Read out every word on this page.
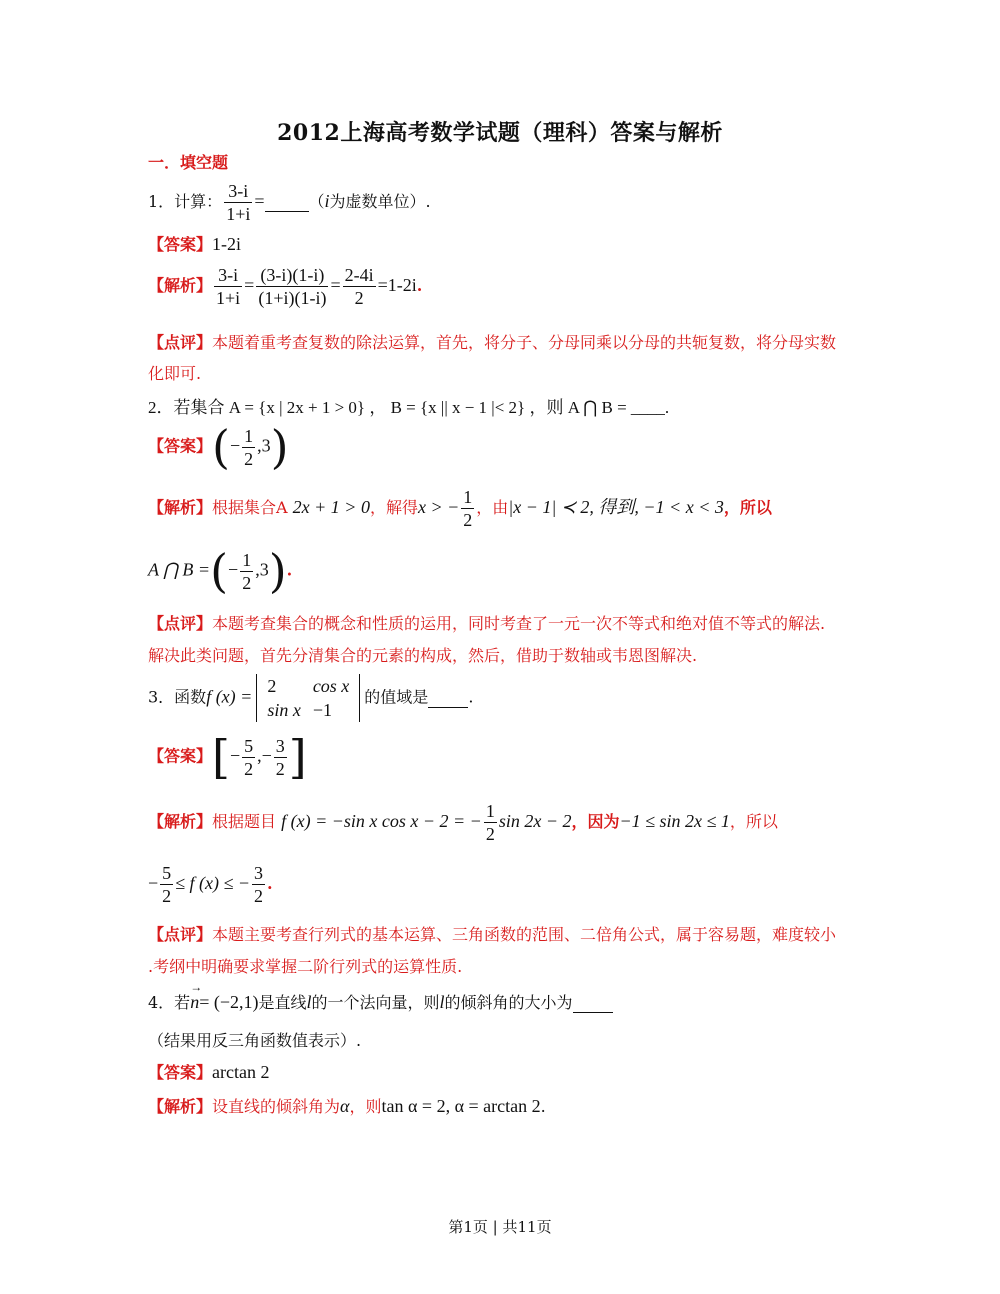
2012上海高考数学试题（理科）答案与解析
一．填空题
1．计算： $\frac{3-i}{1+i}$ =	（i为虚数单位）.
【答案】1-2i
【解析】 $\frac{3-i}{1+i} = \frac{(3-i)(1-i)}{(1+i)(1-i)} = \frac{2-4i}{2} =1-2i$.
【点评】本题着重考查复数的除法运算，首先，将分子、分母同乘以分母的共轭复数，将分母实数
化即可.
2．若集合 A = {x | 2x + 1 > 0} ， B = {x || x − 1 |< 2} ，则 A ⋂ B = ____.
【答案】(− $\frac{1}{2} ,3$)
【解析】根据集合A 2x + 1 > 0，解得x > − $\frac{1}{2}$ ，由|x − 1| ≺ 2, 得到, −1 < x < 3，所以
A ⋂ B =(− $\frac{1}{2} ,3$).
【点评】本题考查集合的概念和性质的运用，同时考查了一元一次不等式和绝对值不等式的解法.
解决此类问题，首先分清集合的元素的构成，然后，借助于数轴或韦恩图解决.
3．函数f (x) =
2	cos x
sin x	−1
的值域是	.
【答案】[− $\frac{5}{2}$ ,− $\frac{3}{2}$ ]
【解析】根据题目 f (x) = −sin x cos x − 2 = − $\frac{1}{2}$ sin 2x − 2，因为−1 ≤ sin 2x ≤ 1，所以
− $\frac{5}{2} \le f$ (x) ≤ − $\frac{3}{2}$ .
【点评】本题主要考查行列式的基本运算、三角函数的范围、二倍角公式，属于容易题，难度较小
.考纲中明确要求掌握二阶行列式的运算性质.
4．若
→
n= (−2,1)是直线l的一个法向量，则l的倾斜角的大小为
（结果用反三角函数值表示）.
【答案】arctan 2
【解析】设直线的倾斜角为α，则tan α = 2, α = arctan 2.
第1页 | 共11页
